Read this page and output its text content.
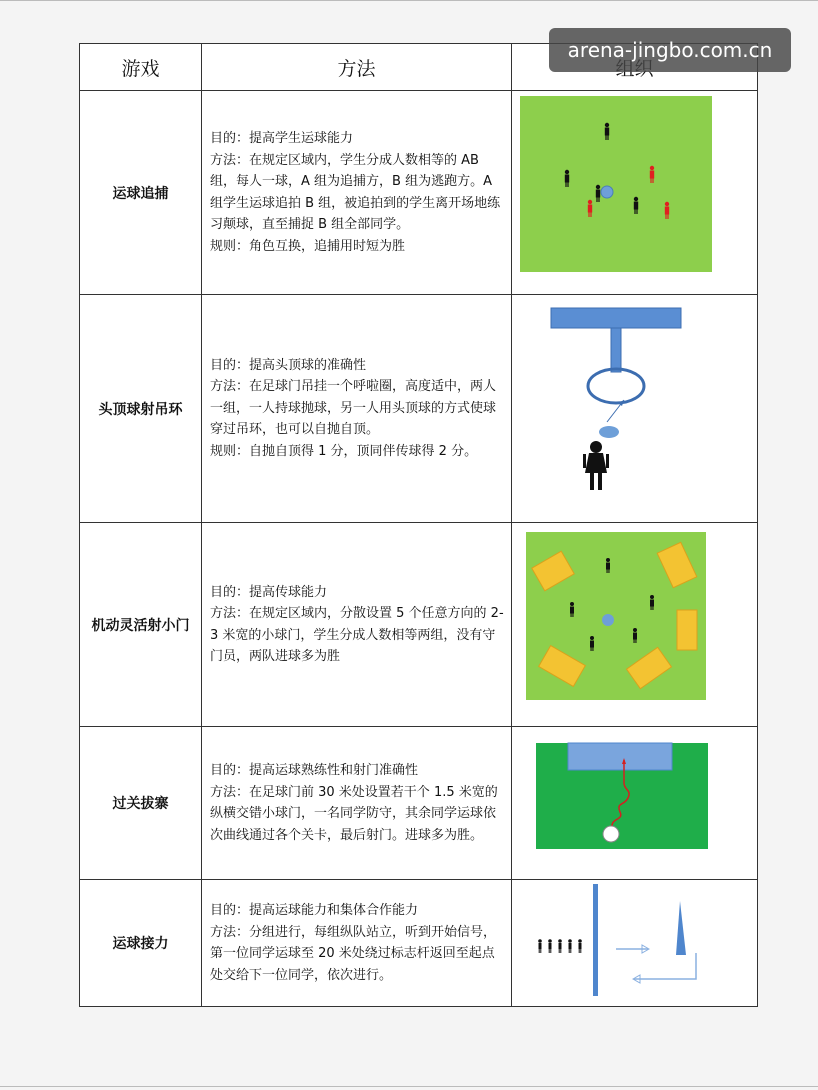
游戏	方法	
运球追捕	目的：提高学生运球能力

方法：在规定区域内，学生分成人数相等的 AB 组，每人一球，A 组为追捕方，B 组为逃跑方。A 组学生运球追拍 B 组，被追拍到的学生离开场地练习颠球，直至捕捉 B 组全部同学。

规则：角色互换，追捕用时短为胜

头顶球射吊环	目的：提高头顶球的准确性

方法：在足球门吊挂一个呼啦圈，高度适中，两人一组，一人持球抛球，另一人用头顶球的方式使球穿过吊环，也可以自抛自顶。

规则：自抛自顶得 1 分，顶同伴传球得 2 分。

机动灵活射小门	目的：提高传球能力

方法：在规定区域内，分散设置 5 个任意方向的 2-3 米宽的小球门，学生分成人数相等两组，没有守门员，两队进球多为胜

过关拔寨	目的：提高运球熟练性和射门准确性

方法：在足球门前 30 米处设置若干个 1.5 米宽的纵横交错小球门，一名同学防守，其余同学运球依次曲线通过各个关卡，最后射门。进球多为胜。

运球接力	目的：提高运球能力和集体合作能力

方法：分组进行，每组纵队站立，听到开始信号，第一位同学运球至 20 米处绕过标志杆返回至起点处交给下一位同学，依次进行。

arena-jingbo.com.cn
